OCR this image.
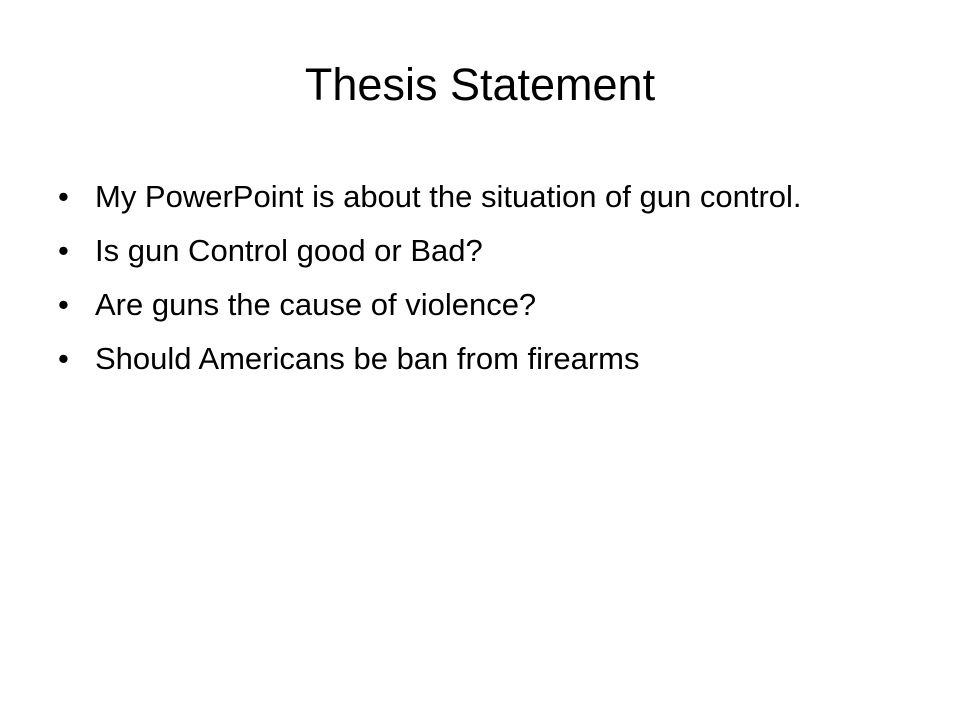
Thesis Statement
• My PowerPoint is about the situation of gun control.
• Is gun Control good or Bad?
• Are guns the cause of violence?
• Should Americans be ban from firearms
